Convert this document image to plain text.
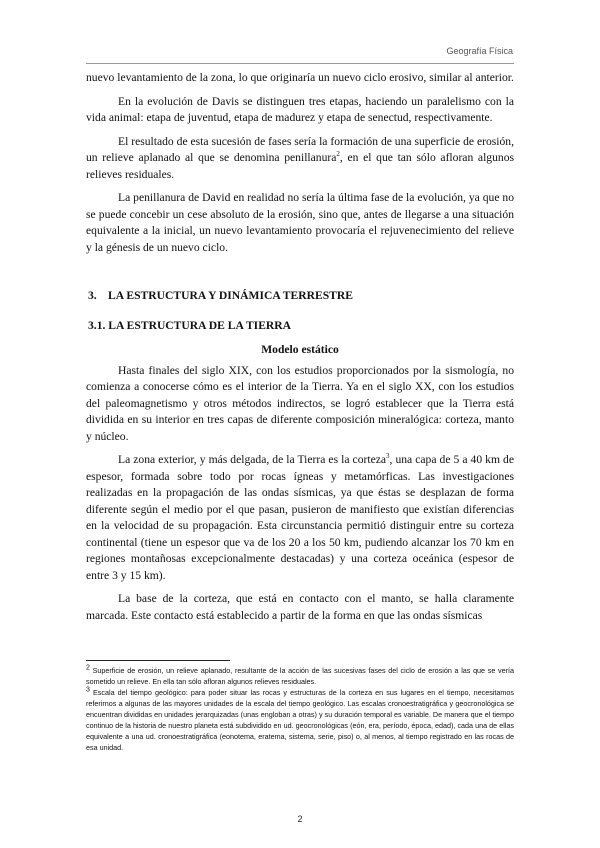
Geografía Física

nuevo levantamiento de la zona, lo que originaría un nuevo ciclo erosivo, similar al anterior.

En la evolución de Davis se distinguen tres etapas, haciendo un paralelismo con la vida animal: etapa de juventud, etapa de madurez y etapa de senectud, respectivamente.

El resultado de esta sucesión de fases sería la formación de una superficie de erosión, un relieve aplanado al que se denomina penillanura$^2$, en el que tan sólo afloran algunos relieves residuales.

La penillanura de David en realidad no sería la última fase de la evolución, ya que no se puede concebir un cese absoluto de la erosión, sino que, antes de llegarse a una situación equivalente a la inicial, un nuevo levantamiento provocaría el rejuvenecimiento del relieve y la génesis de un nuevo ciclo.

3. LA ESTRUCTURA Y DINÁMICA TERRESTRE
3.1. LA ESTRUCTURA DE LA TIERRA
Modelo estático

Hasta finales del siglo XIX, con los estudios proporcionados por la sismología, no comienza a conocerse cómo es el interior de la Tierra. Ya en el siglo XX, con los estudios del paleomagnetismo y otros métodos indirectos, se logró establecer que la Tierra está dividida en su interior en tres capas de diferente composición mineralógica: corteza, manto y núcleo.

La zona exterior, y más delgada, de la Tierra es la corteza$^3$, una capa de 5 a 40 km de espesor, formada sobre todo por rocas ígneas y metamórficas. Las investigaciones realizadas en la propagación de las ondas sísmicas, ya que éstas se desplazan de forma diferente según el medio por el que pasan, pusieron de manifiesto que existían diferencias en la velocidad de su propagación. Esta circunstancia permitió distinguir entre su corteza continental (tiene un espesor que va de los 20 a los 50 km, pudiendo alcanzar los 70 km en regiones montañosas excepcionalmente destacadas) y una corteza oceánica (espesor de entre 3 y 15 km).

La base de la corteza, que está en contacto con el manto, se halla claramente marcada. Este contacto está establecido a partir de la forma en que las ondas sísmicas

$^2$ Superficie de erosión, un relieve aplanado, resultante de la acción de las sucesivas fases del ciclo de erosión a las que se vería sometido un relieve. En ella tan sólo afloran algunos relieves residuales.

$^3$ Escala del tiempo geológico: para poder situar las rocas y estructuras de la corteza en sus lugares en el tiempo, necesitamos referirnos a algunas de las mayores unidades de la escala del tiempo geológico. Las escalas cronoestratigráfica y geocronológica se encuentran divididas en unidades jerarquizadas (unas engloban a otras) y su duración temporal es variable. De manera que el tiempo continuo de la historia de nuestro planeta está subdividido en ud. geocronológicas (eón, era, período, época, edad), cada una de ellas equivalente a una ud. cronoestratigráfica (eonotema, eratema, sistema, serie, piso) o, al menos, al tiempo registrado en las rocas de esa unidad.

2
